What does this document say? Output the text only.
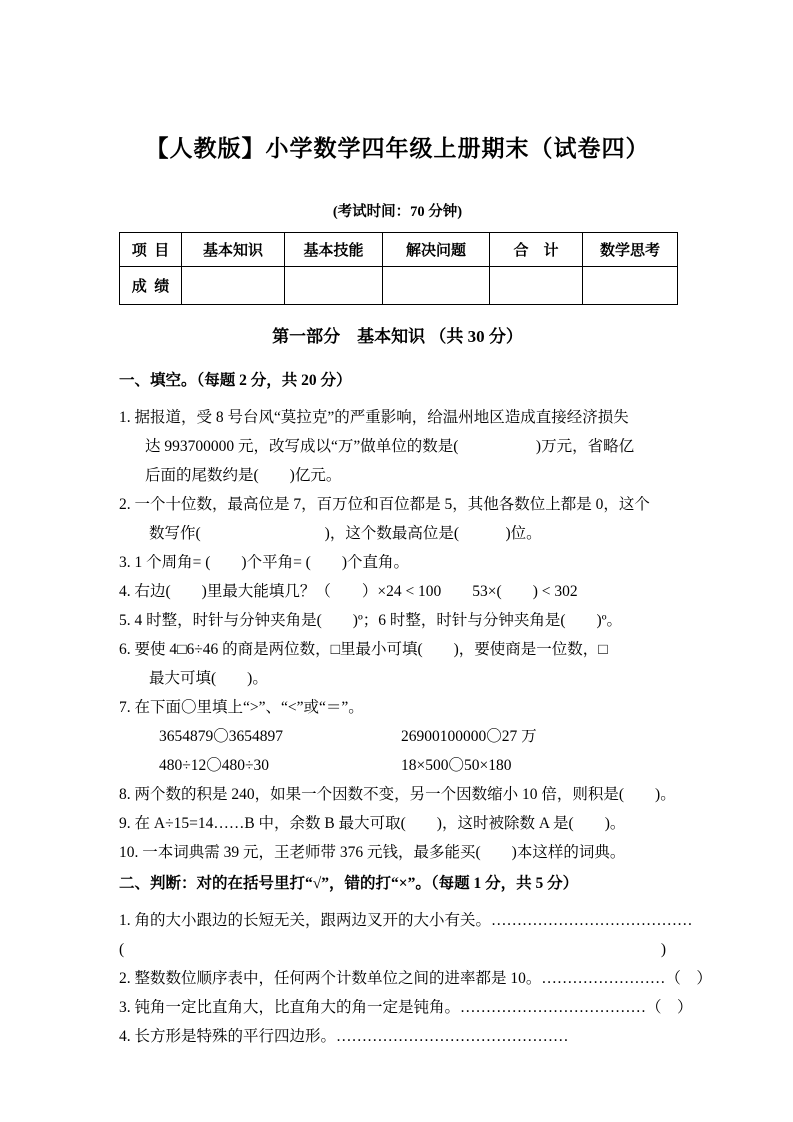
【人教版】小学数学四年级上册期末（试卷四）
(考试时间：70 分钟)
项  目	基本知识	基本技能	解决问题	合    计	数学思考
成  绩					
第一部分　基本知识 （共 30 分）
一、填空。（每题 2 分，共 20 分）
1. 据报道，受 8 号台风“莫拉克”的严重影响，给温州地区造成直接经济损失
达 993700000 元，改写成以“万”做单位的数是(　　　　　)万元，省略亿
后面的尾数约是(　　)亿元。
2. 一个十位数，最高位是 7，百万位和百位都是 5，其他各数位上都是 0，这个
数写作(　　　　　　　　)，这个数最高位是(　　　)位。
3. 1 个周角= (　　)个平角= (　　)个直角。
4. 右边(　　)里最大能填几？（　　）×24 < 100　　53×(　　) < 302
5. 4 时整，时针与分钟夹角是(　　)º；6 时整，时针与分钟夹角是(　　)º。
6. 要使 4□6÷46 的商是两位数，□里最小可填(　　)，要使商是一位数，□
最大可填(　　)。
7. 在下面〇里填上“>”、“<”或“＝”。
3654879〇3654897	26900100000〇27 万
480÷12〇480÷30	18×500〇50×180
8. 两个数的积是 240，如果一个因数不变，另一个因数缩小 10 倍，则积是(　　)。
9. 在 A÷15=14……B 中，余数 B 最大可取(　　)，这时被除数 A 是(　　)。
10. 一本词典需 39 元，王老师带 376 元钱，最多能买(　　)本这样的词典。
二、判断：对的在括号里打“√”，错的打“×”。（每题 1 分，共 5 分）
1. 角的大小跟边的长短无关，跟两边叉开的大小有关。…………………………………
(	)
2. 整数数位顺序表中，任何两个计数单位之间的进率都是 10。…………………… （　）
3. 钝角一定比直角大，比直角大的角一定是钝角。……………………………… （　）
4. 长方形是特殊的平行四边形。………………………………………
